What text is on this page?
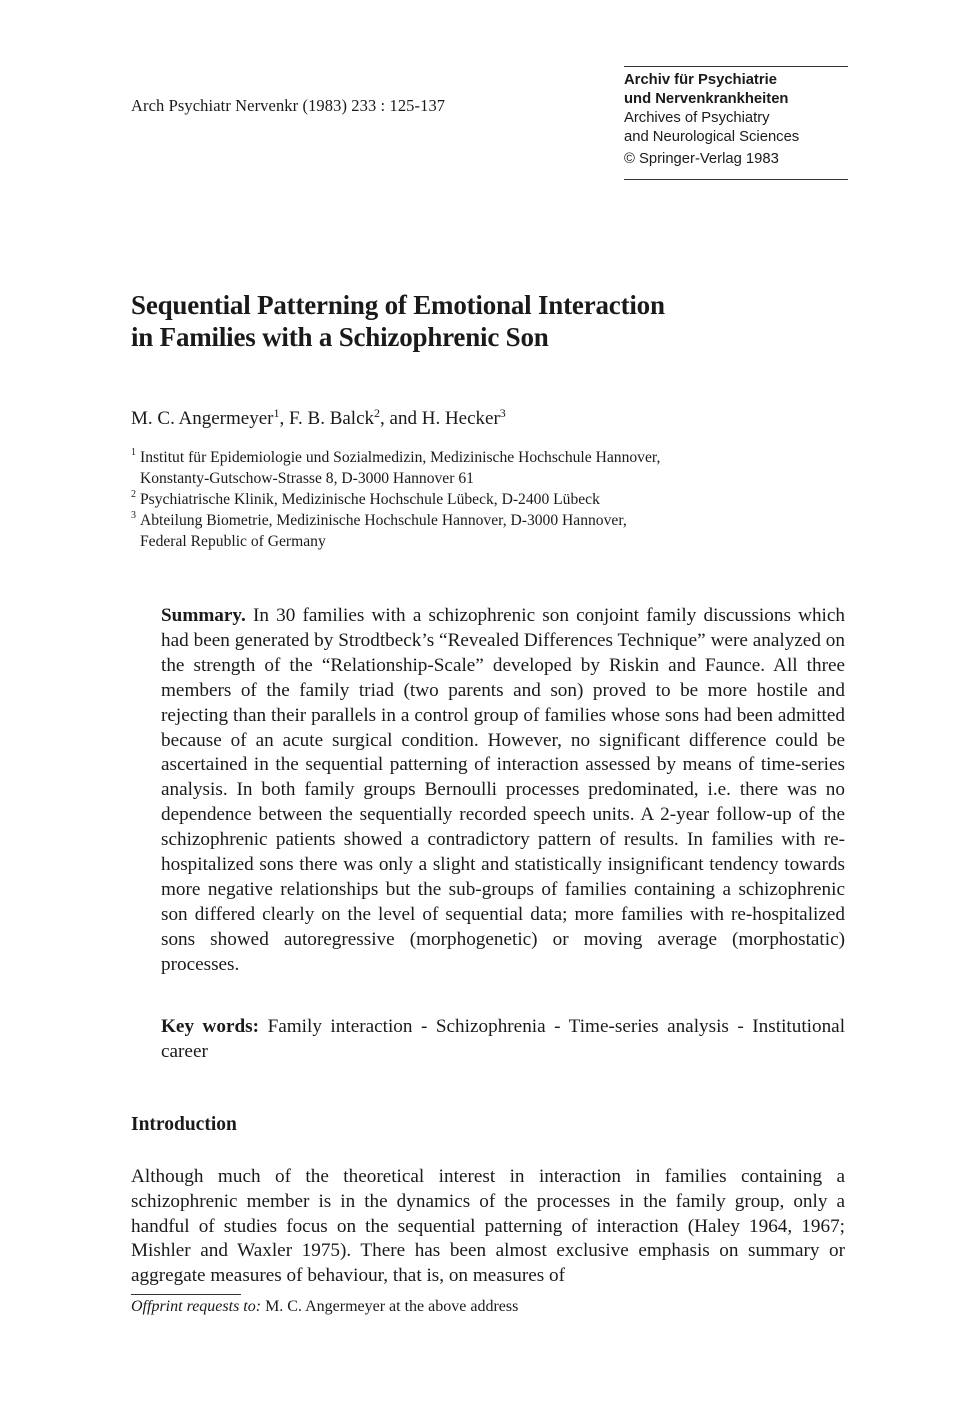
Arch Psychiatr Nervenkr (1983) 233 : 125-137
Archiv für Psychiatrie
und Nervenkrankheiten
Archives of Psychiatry
and Neurological Sciences
© Springer-Verlag 1983
Sequential Patterning of Emotional Interaction
in Families with a Schizophrenic Son
M. C. Angermeyer$^1$, F. B. Balck$^2$, and H. Hecker$^3$
1 Institut für Epidemiologie und Sozialmedizin, Medizinische Hochschule Hannover,
Konstanty-Gutschow-Strasse 8, D-3000 Hannover 61
2 Psychiatrische Klinik, Medizinische Hochschule Lübeck, D-2400 Lübeck
3 Abteilung Biometrie, Medizinische Hochschule Hannover, D-3000 Hannover,
Federal Republic of Germany

Summary. In 30 families with a schizophrenic son conjoint family discussions which had been generated by Strodtbeck’s “Revealed Differences Technique” were analyzed on the strength of the “Relationship-Scale” developed by Riskin and Faunce. All three members of the family triad (two parents and son) proved to be more hostile and rejecting than their parallels in a control group of families whose sons had been admitted because of an acute surgical condition. However, no significant difference could be ascertained in the sequential patterning of interaction assessed by means of time-series analysis. In both family groups Bernoulli processes predominated, i.e. there was no dependence between the sequentially recorded speech units. A 2-year follow-up of the schizophrenic patients showed a contradictory pattern of results. In families with re-hospitalized sons there was only a slight and statistically insignificant tendency towards more negative relationships but the sub-groups of families containing a schizophrenic son differed clearly on the level of sequential data; more families with re-hospitalized sons showed autoregressive (morphogenetic) or moving average (morphostatic) processes.

Key words: Family interaction - Schizophrenia - Time-series analysis - Institutional career

Introduction

Although much of the theoretical interest in interaction in families containing a schizophrenic member is in the dynamics of the processes in the family group, only a handful of studies focus on the sequential patterning of interaction (Haley 1964, 1967; Mishler and Waxler 1975). There has been almost exclusive emphasis on summary or aggregate measures of behaviour, that is, on measures of

Offprint requests to: M. C. Angermeyer at the above address
